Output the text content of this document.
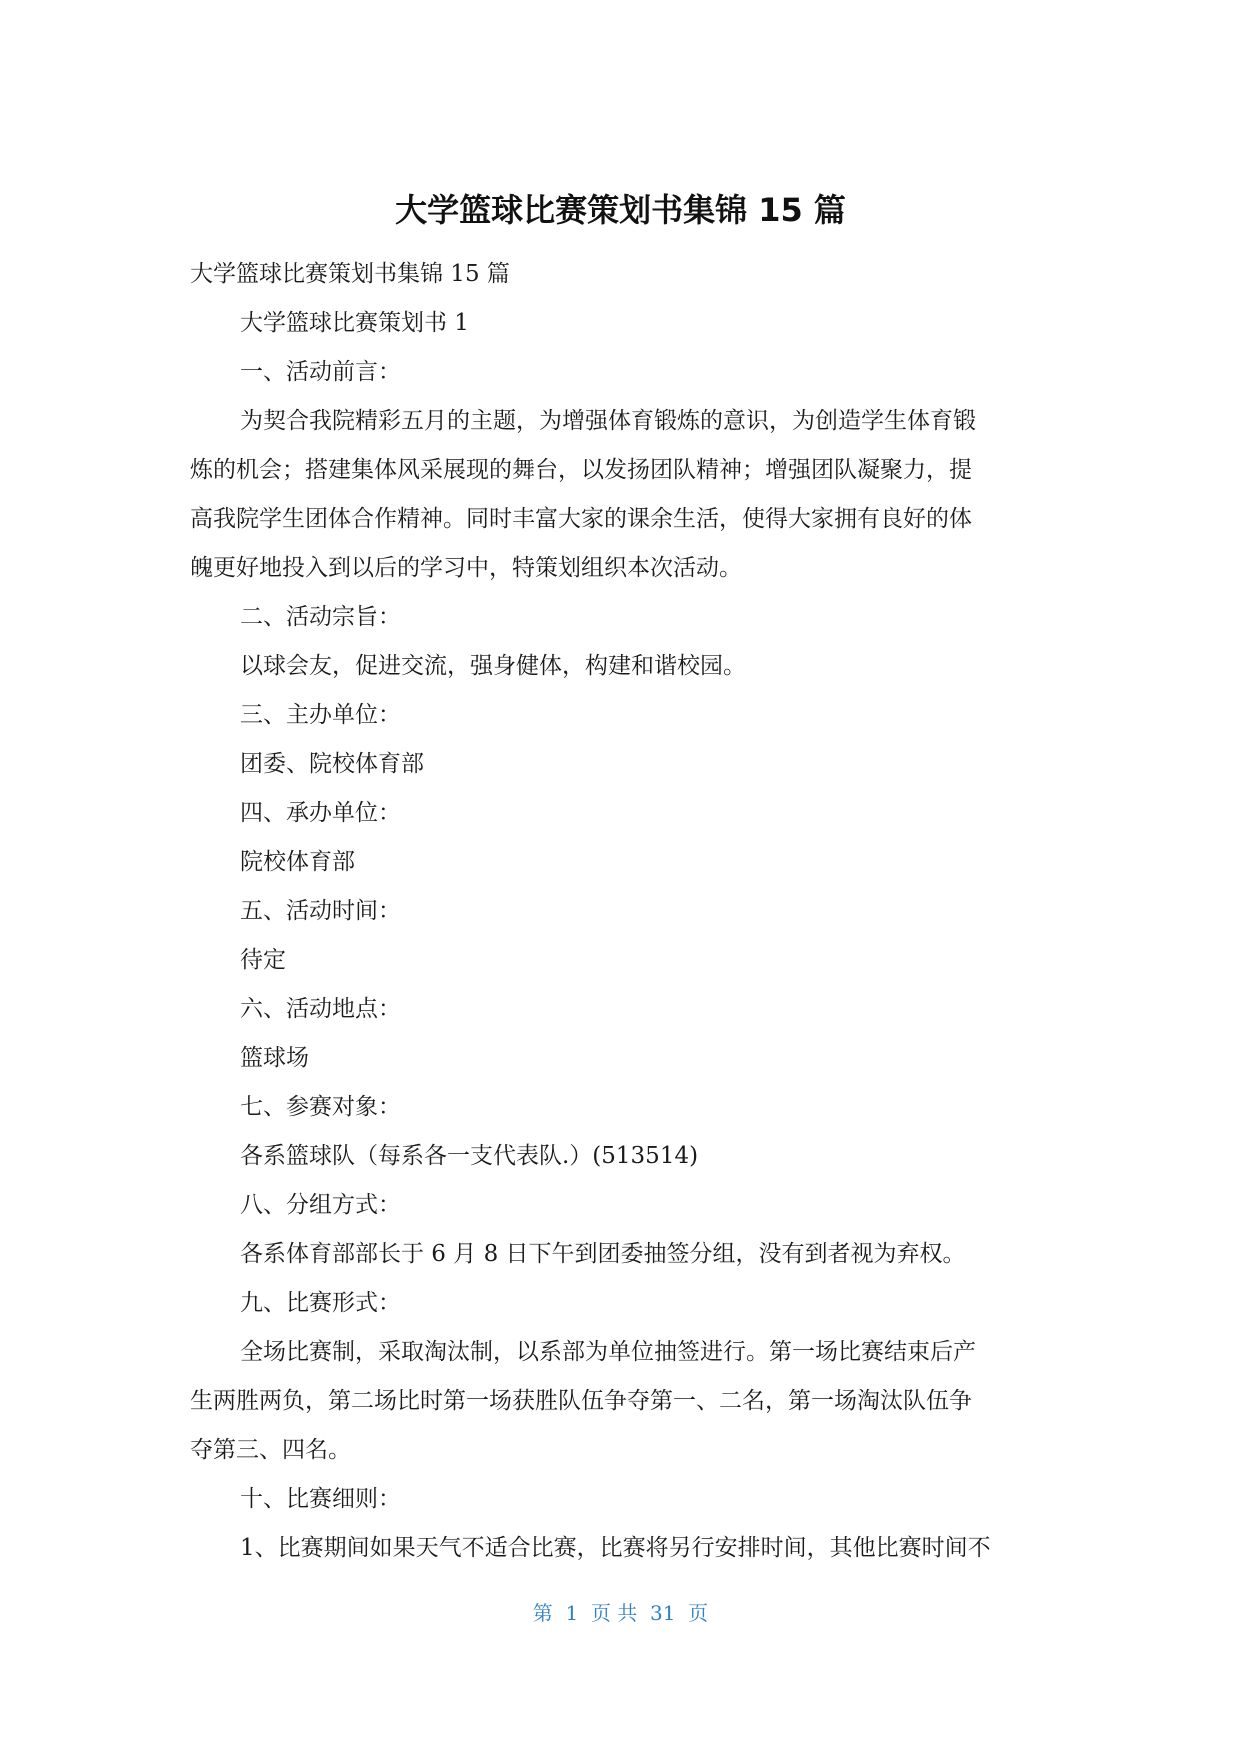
大学篮球比赛策划书集锦 15 篇

大学篮球比赛策划书集锦 15 篇

大学篮球比赛策划书 1

一、活动前言：

为契合我院精彩五月的主题，为增强体育锻炼的意识，为创造学生体育锻

炼的机会；搭建集体风采展现的舞台，以发扬团队精神；增强团队凝聚力，提

高我院学生团体合作精神。同时丰富大家的课余生活，使得大家拥有良好的体

魄更好地投入到以后的学习中，特策划组织本次活动。

二、活动宗旨：

以球会友，促进交流，强身健体，构建和谐校园。

三、主办单位：

团委、院校体育部

四、承办单位：

院校体育部

五、活动时间：

待定

六、活动地点：

篮球场

七、参赛对象：

各系篮球队（每系各一支代表队.）(513514)

八、分组方式：

各系体育部部长于 6 月 8 日下午到团委抽签分组，没有到者视为弃权。

九、比赛形式：

全场比赛制，采取淘汰制，以系部为单位抽签进行。第一场比赛结束后产

生两胜两负，第二场比时第一场获胜队伍争夺第一、二名，第一场淘汰队伍争

夺第三、四名。

十、比赛细则：

1、比赛期间如果天气不适合比赛，比赛将另行安排时间，其他比赛时间不

第  1  页 共  31  页
